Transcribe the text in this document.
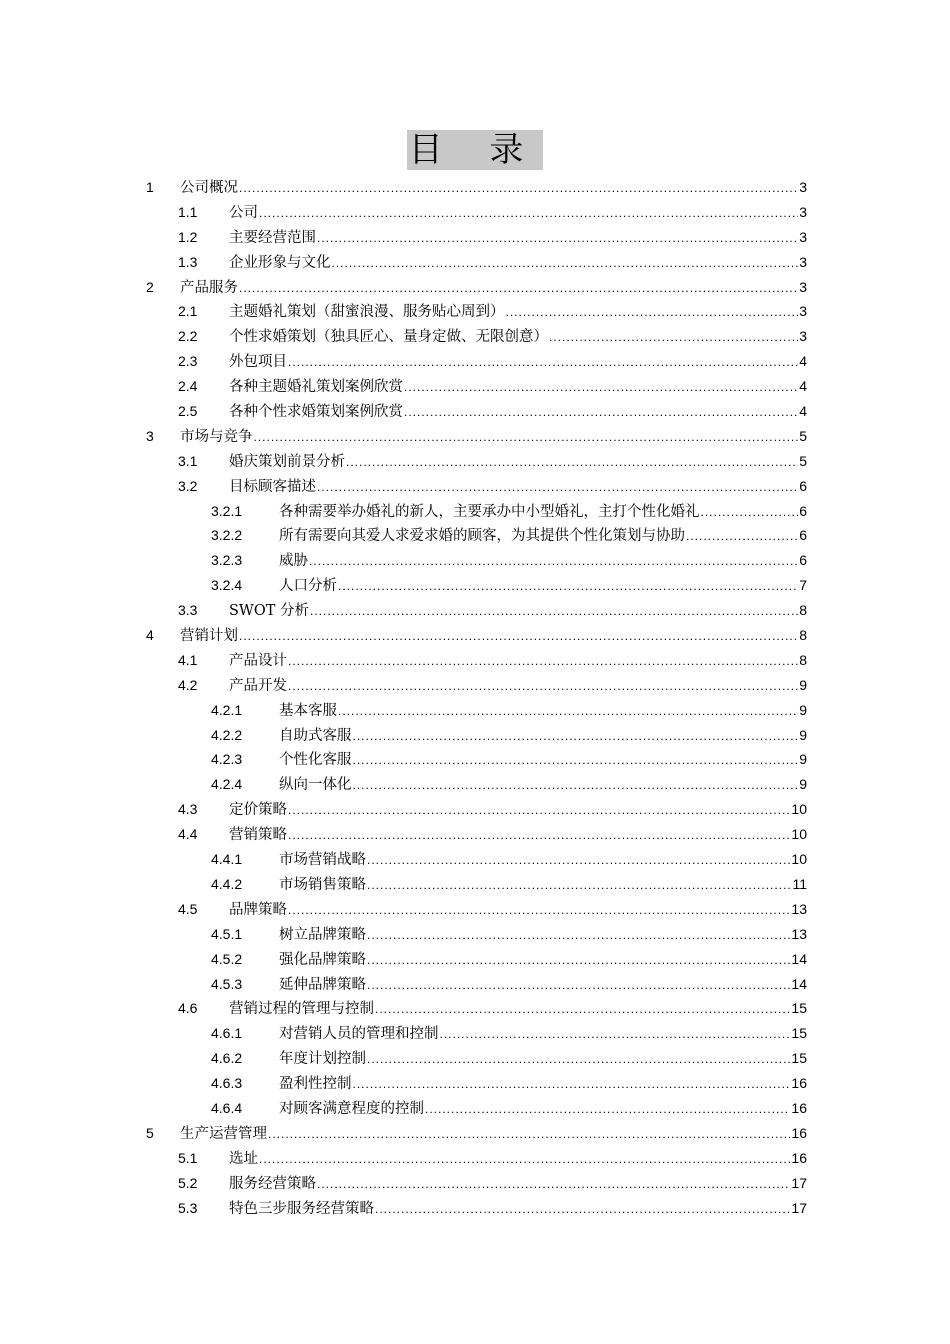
目 录
1 公司概况 .....	3
1.1 公司 .....	3
1.2 主要经营范围 .....	3
1.3 企业形象与文化 .....	3
2 产品服务 .....	3
2.1 主题婚礼策划（甜蜜浪漫、服务贴心周到） .....	3
2.2 个性求婚策划（独具匠心、量身定做、无限创意） .....	3
2.3 外包项目 .....	4
2.4 各种主题婚礼策划案例欣赏 .....	4
2.5 各种个性求婚策划案例欣赏 .....	4
3 市场与竞争 .....	5
3.1 婚庆策划前景分析 .....	5
3.2 目标顾客描述 .....	6
3.2.1	各种需要举办婚礼的新人，主要承办中小型婚礼，主打个性化婚礼 .....	6
3.2.2	所有需要向其爱人求爱求婚的顾客，为其提供个性化策划与协助 .....	6
3.2.3	威胁 .....	6
3.2.4	人口分析 .....	7
3.3 SWOT 分析 .....	8
4 营销计划 .....	8
4.1 产品设计 .....	8
4.2 产品开发 .....	9
4.2.1	基本客服 .....	9
4.2.2	自助式客服 .....	9
4.2.3	个性化客服 .....	9
4.2.4	纵向一体化 .....	9
4.3 定价策略 .....	10
4.4 营销策略 .....	10
4.4.1	市场营销战略 .....	10
4.4.2	市场销售策略 .....	11
4.5 品牌策略 .....	13
4.5.1	树立品牌策略 .....	13
4.5.2	强化品牌策略 .....	14
4.5.3	延伸品牌策略 .....	14
4.6 营销过程的管理与控制 .....	15
4.6.1	对营销人员的管理和控制 .....	15
4.6.2	年度计划控制 .....	15
4.6.3	盈利性控制 .....	16
4.6.4	对顾客满意程度的控制 .....	16
5 生产运营管理 .....	16
5.1 选址 .....	16
5.2 服务经营策略 .....	17
5.3 特色三步服务经营策略 .....	17
